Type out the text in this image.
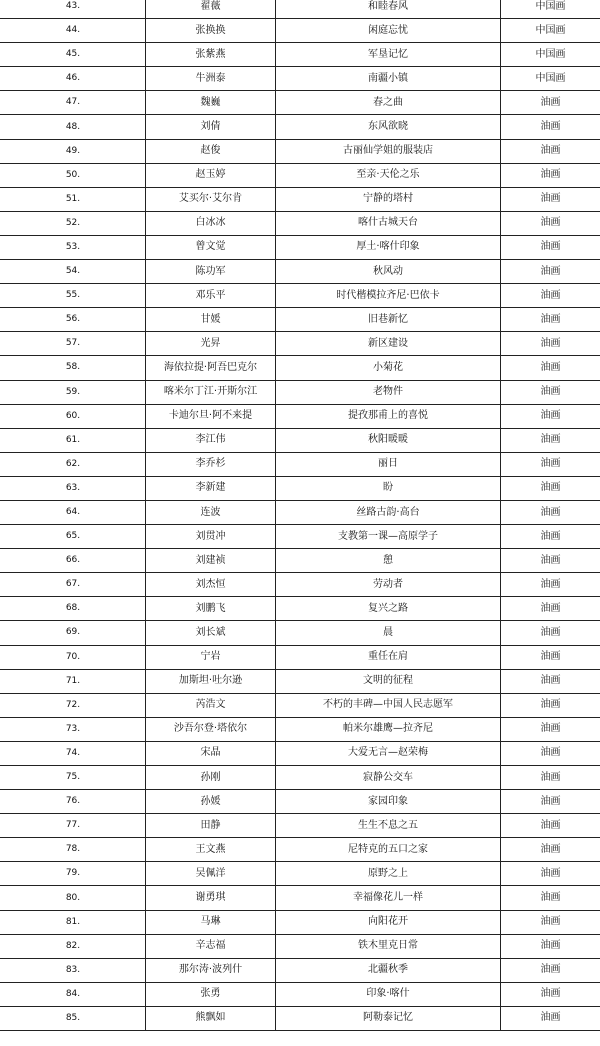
43.	翟薇	和睦春风	中国画
44.	张换换	闲庭忘忧	中国画
45.	张紫燕	军垦记忆	中国画
46.	牛洲泰	南疆小镇	中国画
47.	魏巍	春之曲	油画
48.	刘倩	东风欲晓	油画
49.	赵俊	古丽仙学姐的服装店	油画
50.	赵玉婷	至亲·天伦之乐	油画
51.	艾买尔·艾尔肯	宁静的塔村	油画
52.	白冰冰	喀什古城天台	油画
53.	曾文觉	厚土·喀什印象	油画
54.	陈功军	秋风动	油画
55.	邓乐平	时代楷模拉齐尼·巴依卡	油画
56.	甘媛	旧巷新忆	油画
57.	光昇	新区建设	油画
58.	海依拉提·阿吾巴克尔	小菊花	油画
59.	喀米尔丁江·开斯尔江	老物件	油画
60.	卡迪尔旦·阿不来提	提孜那甫上的喜悦	油画
61.	李江伟	秋阳暖暖	油画
62.	李乔杉	丽日	油画
63.	李新建	盼	油画
64.	连波	丝路古韵·高台	油画
65.	刘贯冲	支教第一课—高原学子	油画
66.	刘建祯	憩	油画
67.	刘杰恒	劳动者	油画
68.	刘鹏飞	复兴之路	油画
69.	刘长斌	晨	油画
70.	宁岩	重任在肩	油画
71.	加斯坦·吐尔逊	文明的征程	油画
72.	芮浩文	不朽的丰碑—中国人民志愿军	油画
73.	沙吾尔登·塔依尔	帕米尔雄鹰—拉齐尼	油画
74.	宋晶	大爱无言—赵荣梅	油画
75.	孙刚	寂静公交车	油画
76.	孙媛	家园印象	油画
77.	田静	生生不息之五	油画
78.	王文燕	尼特克的五口之家	油画
79.	吴佩洋	原野之上	油画
80.	谢勇琪	幸福像花儿一样	油画
81.	马琳	向阳花开	油画
82.	辛志福	铁木里克日常	油画
83.	那尔涛·波列什	北疆秋季	油画
84.	张勇	印象·喀什	油画
85.	熊飘如	阿勒泰记忆	油画
